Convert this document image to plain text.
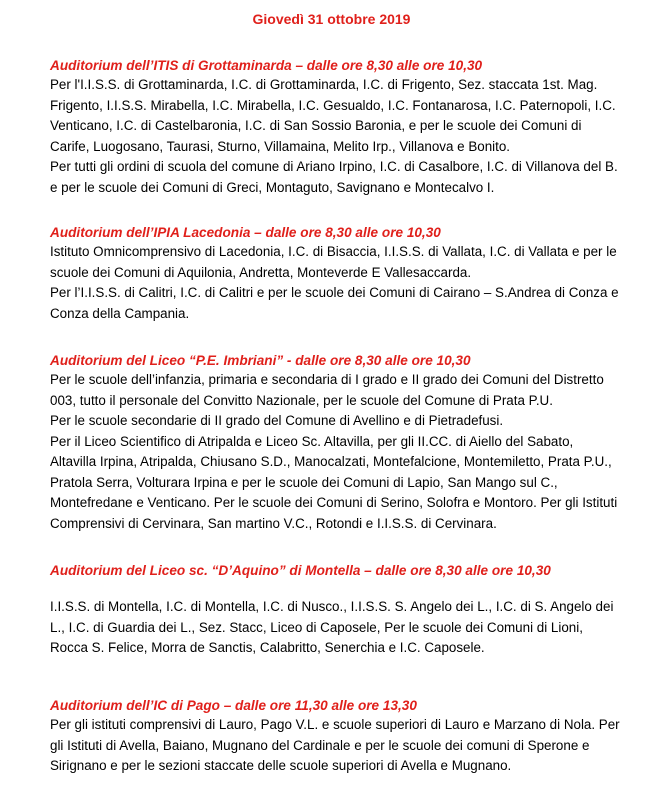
Giovedì 31 ottobre 2019
Auditorium dell’ITIS di Grottaminarda – dalle ore 8,30 alle ore 10,30

Per l'I.I.S.S. di Grottaminarda, I.C. di Grottaminarda, I.C. di Frigento, Sez. staccata 1st. Mag. Frigento, I.I.S.S. Mirabella, I.C. Mirabella, I.C. Gesualdo, I.C. Fontanarosa, I.C. Paternopoli, I.C. Venticano, I.C. di Castelbaronia, I.C. di San Sossio Baronia, e per le scuole dei Comuni di Carife, Luogosano, Taurasi, Sturno, Villamaina, Melito Irp., Villanova e Bonito.

Per tutti gli ordini di scuola del comune di Ariano Irpino, I.C. di Casalbore, I.C. di Villanova del B. e per le scuole dei Comuni di Greci, Montaguto, Savignano e Montecalvo I.

Auditorium dell’IPIA Lacedonia – dalle ore 8,30 alle ore 10,30

Istituto Omnicomprensivo di Lacedonia, I.C. di Bisaccia, I.I.S.S. di Vallata, I.C. di Vallata e per le scuole dei Comuni di Aquilonia, Andretta, Monteverde E Vallesaccarda.

Per l’I.I.S.S. di Calitri, I.C. di Calitri e per le scuole dei Comuni di Cairano – S.Andrea di Conza e Conza della Campania.

Auditorium del Liceo “P.E. Imbriani” - dalle ore 8,30 alle ore 10,30

Per le scuole dell’infanzia, primaria e secondaria di I grado e II grado dei Comuni del Distretto 003, tutto il personale del Convitto Nazionale, per le scuole del Comune di Prata P.U.

Per le scuole secondarie di II grado del Comune di Avellino e di Pietradefusi.

Per il Liceo Scientifico di Atripalda e Liceo Sc. Altavilla, per gli II.CC. di Aiello del Sabato, Altavilla Irpina, Atripalda, Chiusano S.D., Manocalzati, Montefalcione, Montemiletto, Prata P.U., Pratola Serra, Volturara Irpina e per le scuole dei Comuni di Lapio, San Mango sul C., Montefredane e Venticano. Per le scuole dei Comuni di Serino, Solofra e Montoro. Per gli Istituti Comprensivi di Cervinara, San martino V.C., Rotondi e I.I.S.S. di Cervinara.

Auditorium del Liceo sc. “D’Aquino” di Montella – dalle ore 8,30 alle ore 10,30

I.I.S.S. di Montella, I.C. di Montella, I.C. di Nusco., I.I.S.S. S. Angelo dei L., I.C. di S. Angelo dei L., I.C. di Guardia dei L., Sez. Stacc, Liceo di Caposele, Per le scuole dei Comuni di Lioni, Rocca S. Felice, Morra de Sanctis, Calabritto, Senerchia e I.C. Caposele.

Auditorium dell’IC di Pago – dalle ore 11,30 alle ore 13,30

Per gli istituti comprensivi di Lauro, Pago V.L. e scuole superiori di Lauro e Marzano di Nola. Per gli Istituti di Avella, Baiano, Mugnano del Cardinale e per le scuole dei comuni di Sperone e Sirignano e per le sezioni staccate delle scuole superiori di Avella e Mugnano.
